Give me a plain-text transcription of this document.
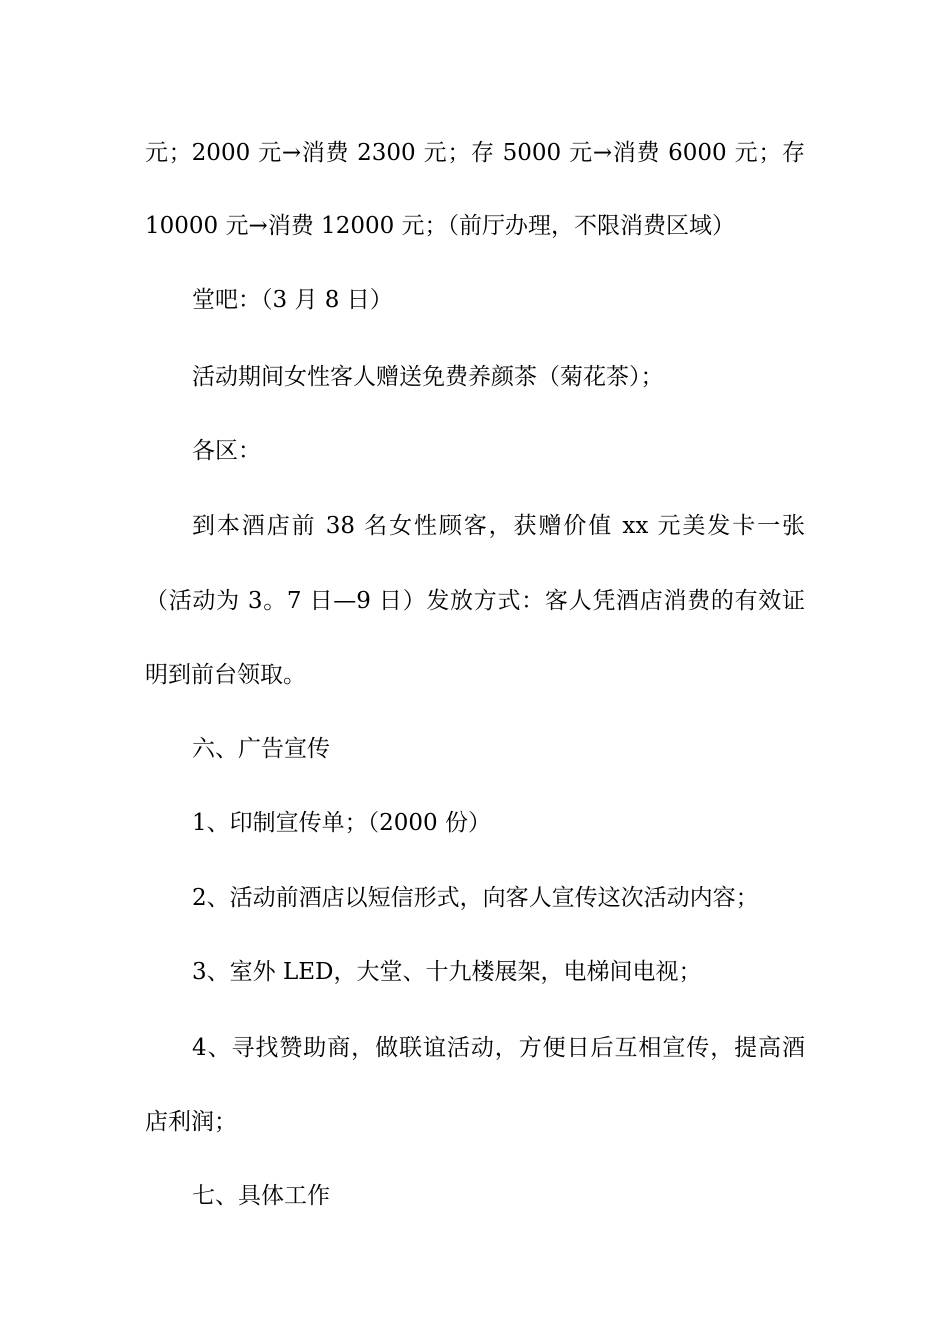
元；2000 元→消费 2300 元；存 5000 元→消费 6000 元；存
10000 元→消费 12000 元；（前厅办理，不限消费区域）
堂吧：（3 月 8 日）
活动期间女性客人赠送免费养颜茶（菊花茶）；
各区：
到本酒店前 38 名女性顾客，获赠价值 xx 元美发卡一张
（活动为 3。7 日—9 日）发放方式：客人凭酒店消费的有效证
明到前台领取。
六、广告宣传
1、印制宣传单；（2000 份）
2、活动前酒店以短信形式，向客人宣传这次活动内容；
3、室外 LED，大堂、十九楼展架，电梯间电视；
4、寻找赞助商，做联谊活动，方便日后互相宣传，提高酒
店利润；
七、具体工作
